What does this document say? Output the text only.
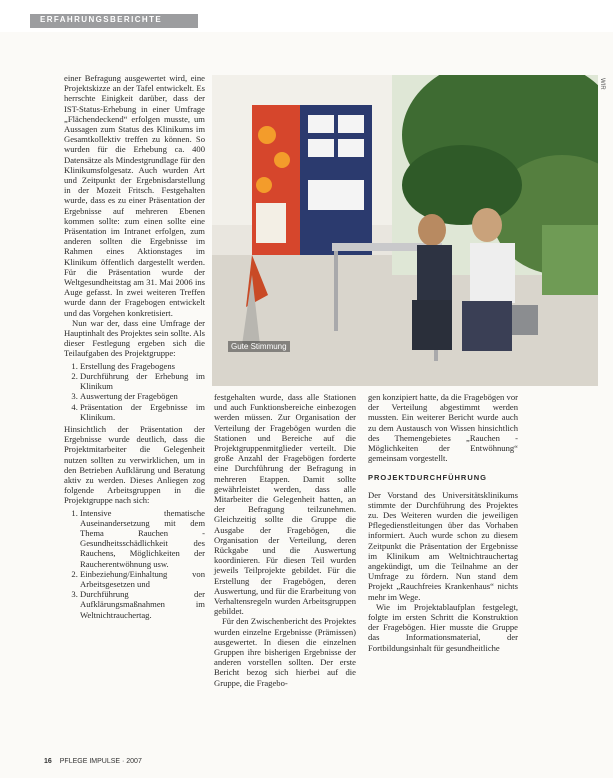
ERFAHRUNGSBERICHTE
WIR

einer Befragung ausgewertet wird, eine Projektskizze an der Tafel entwickelt. Es herrschte Einigkeit darüber, dass der IST-Status-Erhebung in einer Umfrage „Flächendeckend“ erfolgen musste, um Aussagen zum Status des Klinikums im Gesamtkollektiv treffen zu können. So wurden für die Erhebung ca. 400 Datensätze als Mindestgrundlage für den Klinikumsfolgesatz. Auch wurden Art und Zeitpunkt der Ergebnisdarstellung in der Mozeit Fritsch. Festgehalten wurde, dass es zu einer Präsentation der Ergebnisse auf mehreren Ebenen kommen sollte: zum einen sollte eine Präsentation im Intranet erfolgen, zum anderen sollten die Ergebnisse im Rahmen eines Aktionstages im Klinikum öffentlich dargestellt werden. Für die Präsentation wurde der Weltgesundheitstag am 31. Mai 2006 ins Auge gefasst. In zwei weiteren Treffen wurde dann der Fragebogen entwickelt und das Vorgehen konkretisiert.

Nun war der, dass eine Umfrage der Hauptinhalt des Projektes sein sollte. Als dieser Festlegung ergeben sich die Teilaufgaben des Projektgruppe:

1. Erstellung des Fragebogens
2. Durchführung der Erhebung im Klinikum
3. Auswertung der Fragebögen
4. Präsentation der Ergebnisse im Klinikum.

Hinsichtlich der Präsentation der Ergebnisse wurde deutlich, dass die Projektmitarbeiter die Gelegenheit nutzen sollten zu verwirklichen, um in den Betrieben Aufklärung und Beratung aktiv zu werden. Dieses Anliegen zog folgende Arbeitsgruppen in die Projektgruppe nach sich:

1. Intensive thematische Auseinandersetzung mit dem Thema Rauchen - Gesundheitsschädlichkeit des Rauchens, Möglichkeiten der Raucherentwöhnung usw.
2. Einbeziehung/Einhaltung von Arbeitsgesetzen und
3. Durchführung der Aufklärungsmaßnahmen im Weltnichtrauchertag.
Gute Stimmung

festgehalten wurde, dass alle Stationen und auch Funktionsbereiche einbezogen werden müssen. Zur Organisation der Verteilung der Fragebögen wurden die Stationen und Bereiche auf die Projektgruppenmitglieder verteilt. Die große Anzahl der Fragebögen forderte eine Durchführung der Befragung in mehreren Etappen. Damit sollte gewährleistet werden, dass alle Mitarbeiter die Gelegenheit hatten, an der Befragung teilzunehmen. Gleichzeitig sollte die Gruppe die Ausgabe der Fragebögen, die Organisation der Verteilung, deren Rückgabe und die Auswertung koordinieren. Für diesen Teil wurden jeweils Teilprojekte gebildet. Für die Erstellung der Fragebögen, deren Auswertung, und für die Erarbeitung von Verhaltensregeln wurden Arbeitsgruppen gebildet.

Für den Zwischenbericht des Projektes wurden einzelne Ergebnisse (Prämissen) ausgewertet. In diesen die einzelnen Gruppen ihre bisherigen Ergebnisse der anderen vorstellen sollten. Der erste Bericht bezog sich hierbei auf die Gruppe, die Fragebo-

gen konzipiert hatte, da die Fragebögen vor der Verteilung abgestimmt werden mussten. Ein weiterer Bericht wurde auch zu dem Austausch von Wissen hinsichtlich des Themengebietes „Rauchen - Möglichkeiten der Entwöhnung“ gemeinsam vorgestellt.

PROJEKTDURCHFÜHRUNG

Der Vorstand des Universitätsklinikums stimmte der Durchführung des Projektes zu. Des Weiteren wurden die jeweiligen Pflegedienstleitungen über das Vorhaben informiert. Auch wurde schon zu diesem Zeitpunkt die Präsentation der Ergebnisse im Klinikum am Weltnichtrauchertag angekündigt, um die Teilnahme an der Umfrage zu fördern. Nun stand dem Projekt „Rauchfreies Krankenhaus“ nichts mehr im Wege.

Wie im Projektablaufplan festgelegt, folgte im ersten Schritt die Konstruktion der Fragebögen. Hier musste die Gruppe das Informationsmaterial, der Fortbildungsinhalt für gesundheitliche

16 PFLEGE IMPULSE · 2007
